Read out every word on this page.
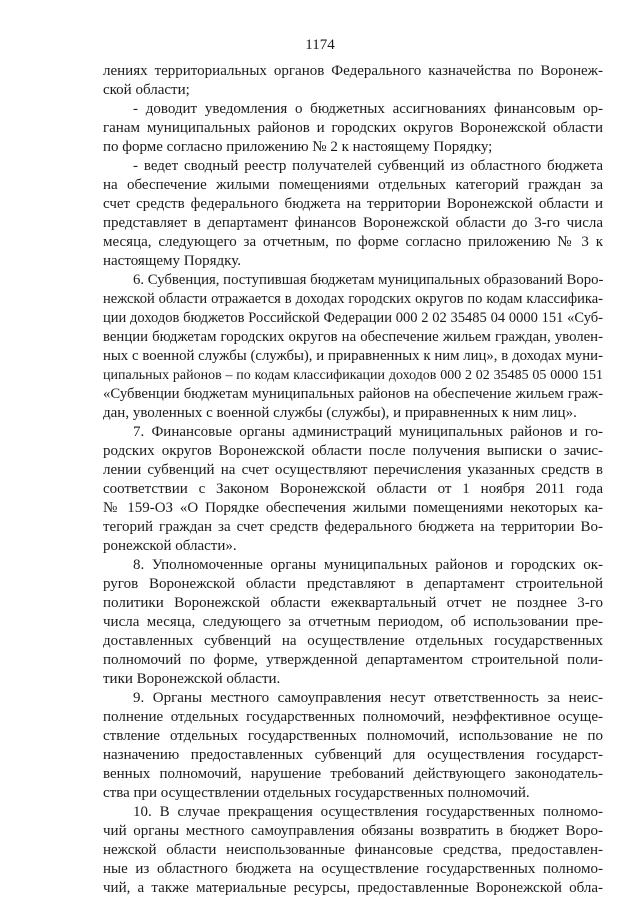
1174
лениях территориальных органов Федерального казначейства по Воронеж-
ской области;
- доводит уведомления о бюджетных ассигнованиях финансовым ор-
ганам муниципальных районов и городских округов Воронежской области
по форме согласно приложению № 2 к настоящему Порядку;
- ведет сводный реестр получателей субвенций из областного бюджета
на обеспечение жилыми помещениями отдельных категорий граждан за
счет средств федерального бюджета на территории Воронежской области и
представляет в департамент финансов Воронежской области до 3-го числа
месяца, следующего за отчетным, по форме согласно приложению № 3 к
настоящему Порядку.
6. Субвенция, поступившая бюджетам муниципальных образований Воро-
нежской области отражается в доходах городских округов по кодам классифика-
ции доходов бюджетов Российской Федерации 000 2 02 35485 04 0000 151 «Суб-
венции бюджетам городских округов на обеспечение жильем граждан, уволен-
ных с военной службы (службы), и приравненных к ним лиц», в доходах муни-
ципальных районов – по кодам классификации доходов 000 2 02 35485 05 0000 151
«Субвенции бюджетам муниципальных районов на обеспечение жильем граж-
дан, уволенных с военной службы (службы), и приравненных к ним лиц».
7. Финансовые органы администраций муниципальных районов и го-
родских округов Воронежской области после получения выписки о зачис-
лении субвенций на счет осуществляют перечисления указанных средств в
соответствии с Законом Воронежской области от 1 ноября 2011 года
№ 159-ОЗ «О Порядке обеспечения жилыми помещениями некоторых ка-
тегорий граждан за счет средств федерального бюджета на территории Во-
ронежской области».
8. Уполномоченные органы муниципальных районов и городских ок-
ругов Воронежской области представляют в департамент строительной
политики Воронежской области ежеквартальный отчет не позднее 3-го
числа месяца, следующего за отчетным периодом, об использовании пре-
доставленных субвенций на осуществление отдельных государственных
полномочий по форме, утвержденной департаментом строительной поли-
тики Воронежской области.
9. Органы местного самоуправления несут ответственность за неис-
полнение отдельных государственных полномочий, неэффективное осуще-
ствление отдельных государственных полномочий, использование не по
назначению предоставленных субвенций для осуществления государст-
венных полномочий, нарушение требований действующего законодатель-
ства при осуществлении отдельных государственных полномочий.
10. В случае прекращения осуществления государственных полномо-
чий органы местного самоуправления обязаны возвратить в бюджет Воро-
нежской области неиспользованные финансовые средства, предоставлен-
ные из областного бюджета на осуществление государственных полномо-
чий, а также материальные ресурсы, предоставленные Воронежской обла-
